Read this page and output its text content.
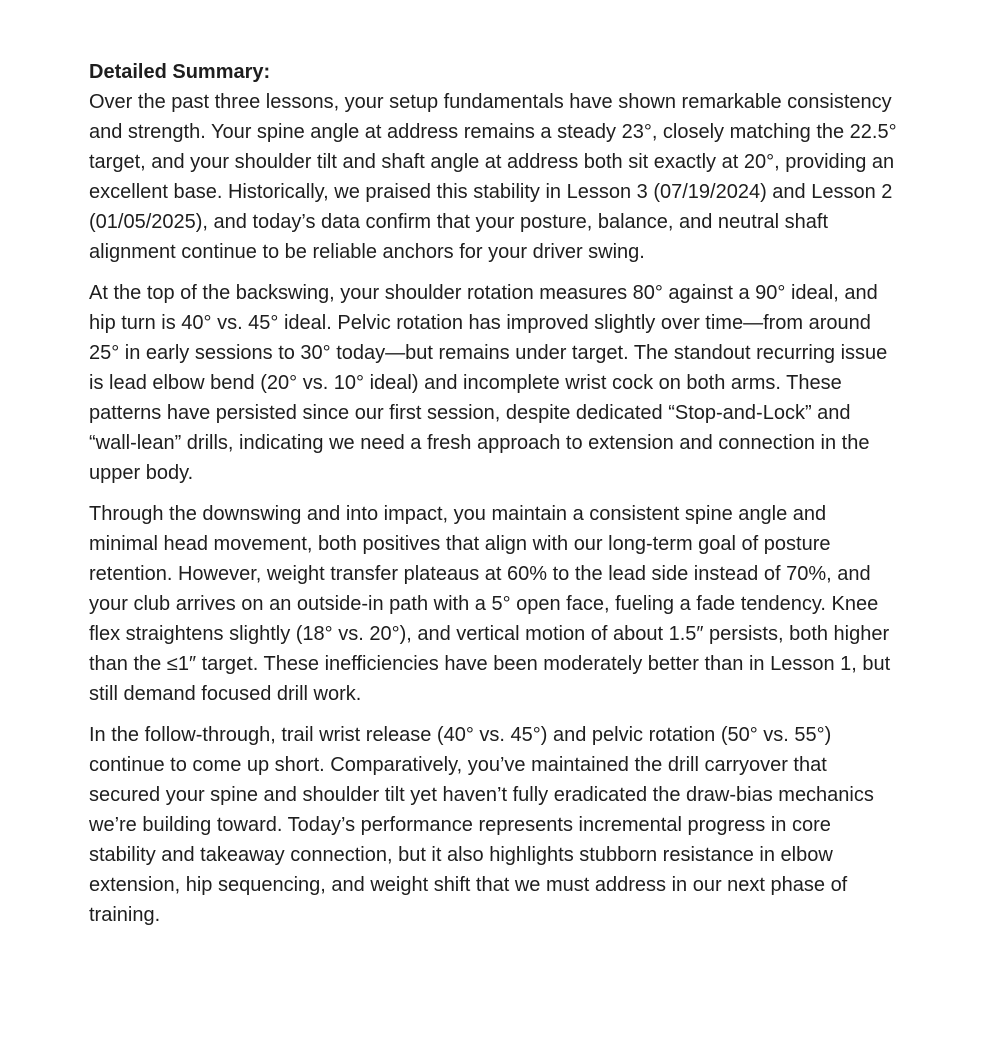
Detailed Summary:

Over the past three lessons, your setup fundamentals have shown remarkable consistency and strength. Your spine angle at address remains a steady 23°, closely matching the 22.5° target, and your shoulder tilt and shaft angle at address both sit exactly at 20°, providing an excellent base. Historically, we praised this stability in Lesson 3 (07/19/2024) and Lesson 2 (01/05/2025), and today’s data confirm that your posture, balance, and neutral shaft alignment continue to be reliable anchors for your driver swing.

At the top of the backswing, your shoulder rotation measures 80° against a 90° ideal, and hip turn is 40° vs. 45° ideal. Pelvic rotation has improved slightly over time—from around 25° in early sessions to 30° today—but remains under target. The standout recurring issue is lead elbow bend (20° vs. 10° ideal) and incomplete wrist cock on both arms. These patterns have persisted since our first session, despite dedicated “Stop-and-Lock” and “wall-lean” drills, indicating we need a fresh approach to extension and connection in the upper body.

Through the downswing and into impact, you maintain a consistent spine angle and minimal head movement, both positives that align with our long-term goal of posture retention. However, weight transfer plateaus at 60% to the lead side instead of 70%, and your club arrives on an outside-in path with a 5° open face, fueling a fade tendency. Knee flex straightens slightly (18° vs. 20°), and vertical motion of about 1.5″ persists, both higher than the ≤1″ target. These inefficiencies have been moderately better than in Lesson 1, but still demand focused drill work.

In the follow-through, trail wrist release (40° vs. 45°) and pelvic rotation (50° vs. 55°) continue to come up short. Comparatively, you’ve maintained the drill carryover that secured your spine and shoulder tilt yet haven’t fully eradicated the draw-bias mechanics we’re building toward. Today’s performance represents incremental progress in core stability and takeaway connection, but it also highlights stubborn resistance in elbow extension, hip sequencing, and weight shift that we must address in our next phase of training.
